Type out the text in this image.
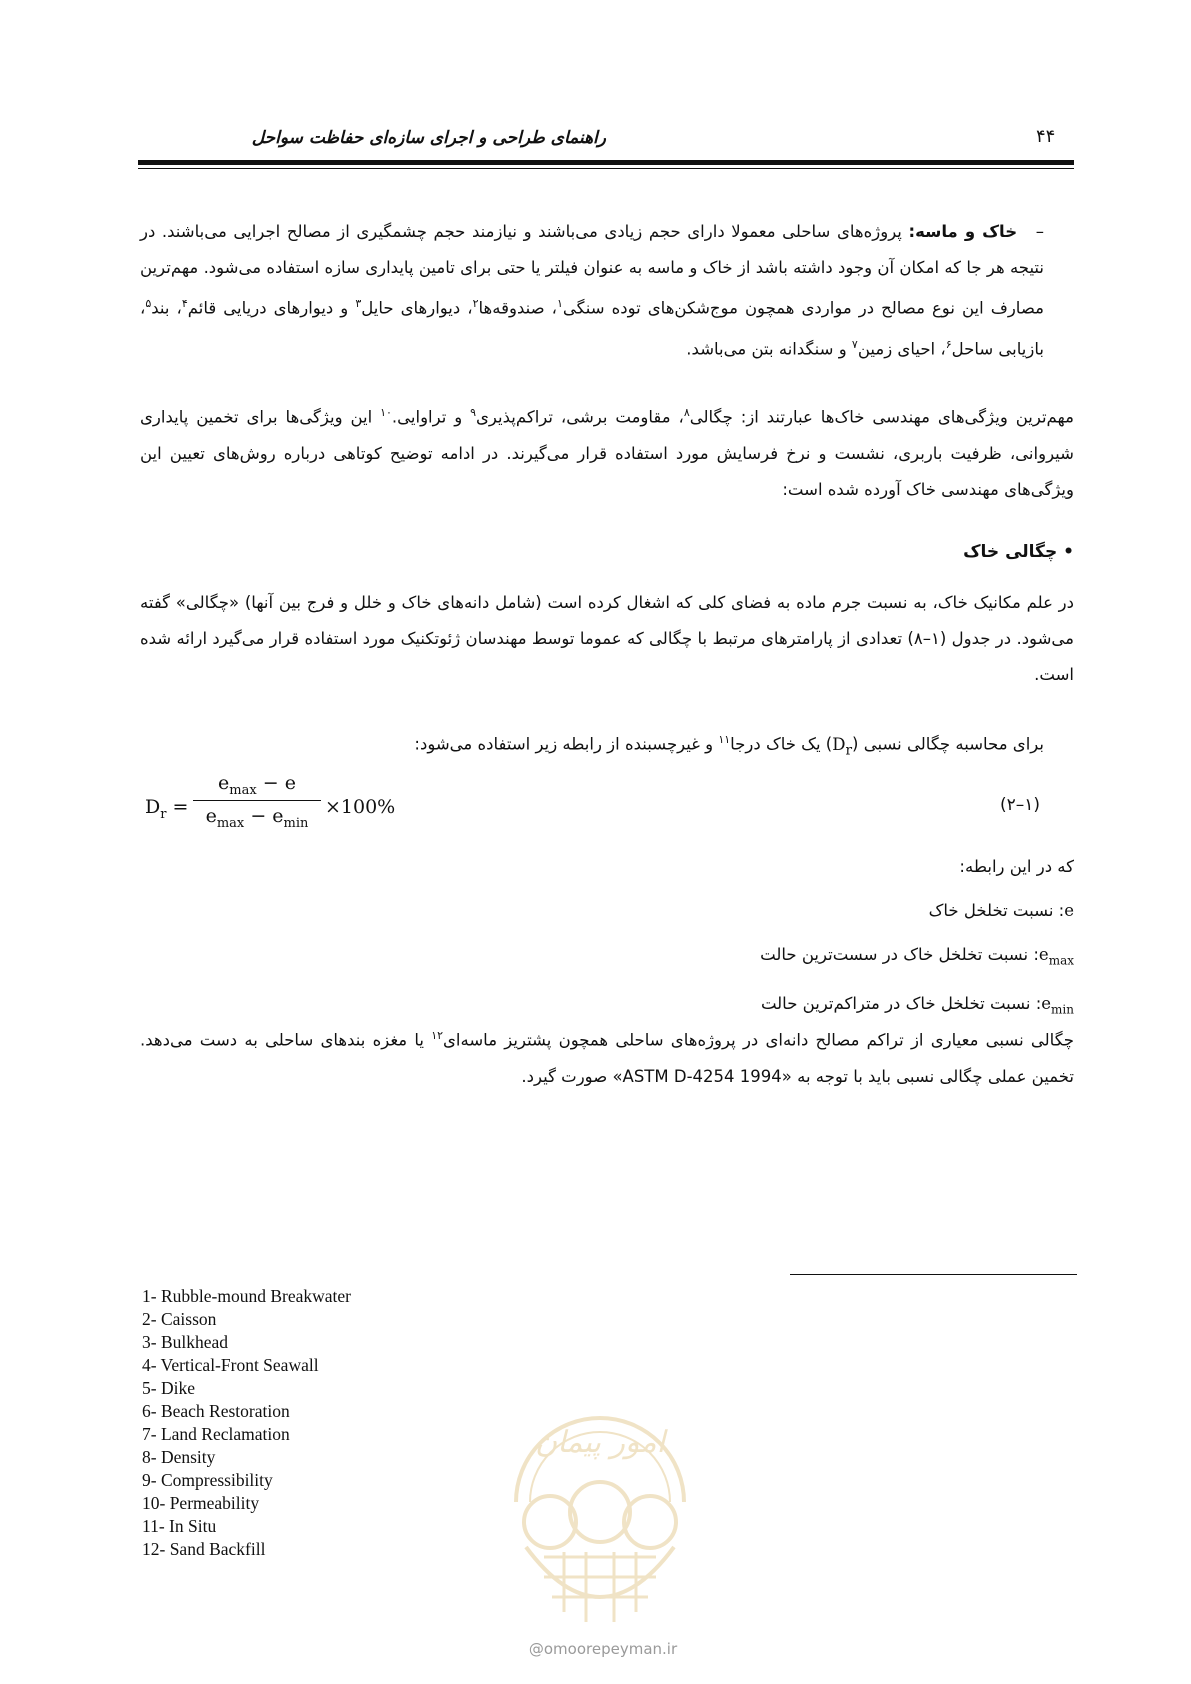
راهنمای طراحی و اجرای سازه‌ای حفاظت سواحل	۴۴
– خاک و ماسه: پروژه‌های ساحلی معمولا دارای حجم زیادی می‌باشند و نیازمند حجم چشمگیری از مصالح اجرایی می‌باشند. در نتیجه هر جا که امکان آن وجود داشته باشد از خاک و ماسه به عنوان فیلتر یا حتی برای تامین پایداری سازه استفاده می‌شود. مهم‌ترین مصارف این نوع مصالح در مواردی همچون موج‌شکن‌های توده سنگی$^۱$، صندوقه‌ها$^۲$، دیوارهای حایل$^۳$ و دیوارهای دریایی قائم$^۴$، بند$^۵$، بازیابی ساحل$^۶$، احیای زمین$^۷$ و سنگدانه بتن می‌باشد.
مهم‌ترین ویژگی‌های مهندسی خاک‌ها عبارتند از: چگالی$^۸$، مقاومت برشی، تراکم‌پذیری$^۹$ و تراوایی.$^{۱۰}$ این ویژگی‌ها برای تخمین پایداری شیروانی، ظرفیت باربری، نشست و نرخ فرسایش مورد استفاده قرار می‌گیرند. در ادامه توضیح کوتاهی درباره روش‌های تعیین این ویژگی‌های مهندسی خاک آورده شده است:
• چگالی خاک
در علم مکانیک خاک، به نسبت جرم ماده به فضای کلی که اشغال کرده است (شامل دانه‌های خاک و خلل و فرج بین آنها) «چگالی» گفته می‌شود. در جدول (۱–۸) تعدادی از پارامترهای مرتبط با چگالی که عموما توسط مهندسان ژئوتکنیک مورد استفاده قرار می‌گیرد ارائه شده است.
برای محاسبه چگالی نسبی $(D_r)$ یک خاک درجا$^{۱۱}$ و غیرچسبنده از رابطه زیر استفاده می‌شود:
$D_r$ =
$e_{max} - e$
$e_{max} - e_{min}$
×100%	(۲–۱)
که در این رابطه:
e: نسبت تخلخل خاک
$e_{max}$: نسبت تخلخل خاک در سست‌ترین حالت
$e_{min}$: نسبت تخلخل خاک در متراکم‌ترین حالت
چگالی نسبی معیاری از تراکم مصالح دانه‌ای در پروژه‌های ساحلی همچون پشتریز ماسه‌ای$^{۱۲}$ یا مغزه بندهای ساحلی به دست می‌دهد. تخمین عملی چگالی نسبی باید با توجه به «ASTM D-4254 1994» صورت گیرد.
1- Rubble-mound Breakwater
2- Caisson
3- Bulkhead
4- Vertical-Front Seawall
5- Dike
6- Beach Restoration
7- Land Reclamation
8- Density
9- Compressibility
10- Permeability
11- In Situ
12- Sand Backfill
امور پیمان
@omoorepeyman.ir
